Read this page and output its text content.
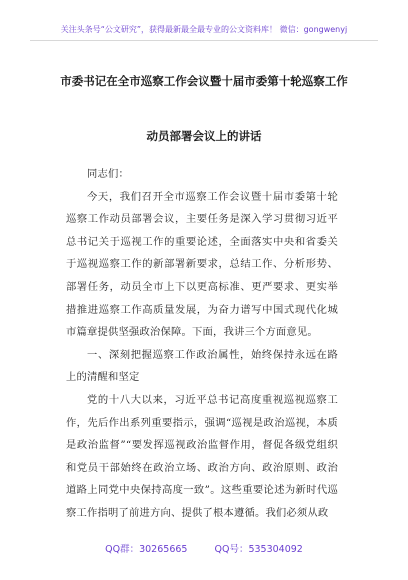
关注头条号“公文研究”，获得最新最全最专业的公文资料库！ 微信：gongwenyj
市委书记在全市巡察工作会议暨十届市委第十轮巡察工作
动员部署会议上的讲话

同志们：

今天，我们召开全市巡察工作会议暨十届市委第十轮巡察工作动员部署会议，主要任务是深入学习贯彻习近平总书记关于巡视工作的重要论述，全面落实中央和省委关于巡视巡察工作的新部署新要求，总结工作、分析形势、部署任务，动员全市上下以更高标准、更严要求、更实举措推进巡察工作高质量发展，为奋力谱写中国式现代化城市篇章提供坚强政治保障。下面，我讲三个方面意见。

一、深刻把握巡察工作政治属性，始终保持永远在路上的清醒和坚定

党的十八大以来，习近平总书记高度重视巡视巡察工作，先后作出系列重要指示，强调“巡视是政治巡视，本质是政治监督”“要发挥巡视政治监督作用，督促各级党组织和党员干部始终在政治立场、政治方向、政治原则、政治道路上同党中央保持高度一致”。这些重要论述为新时代巡察工作指明了前进方向、提供了根本遵循。我们必须从政

QQ群：30265665	QQ号：535304092
